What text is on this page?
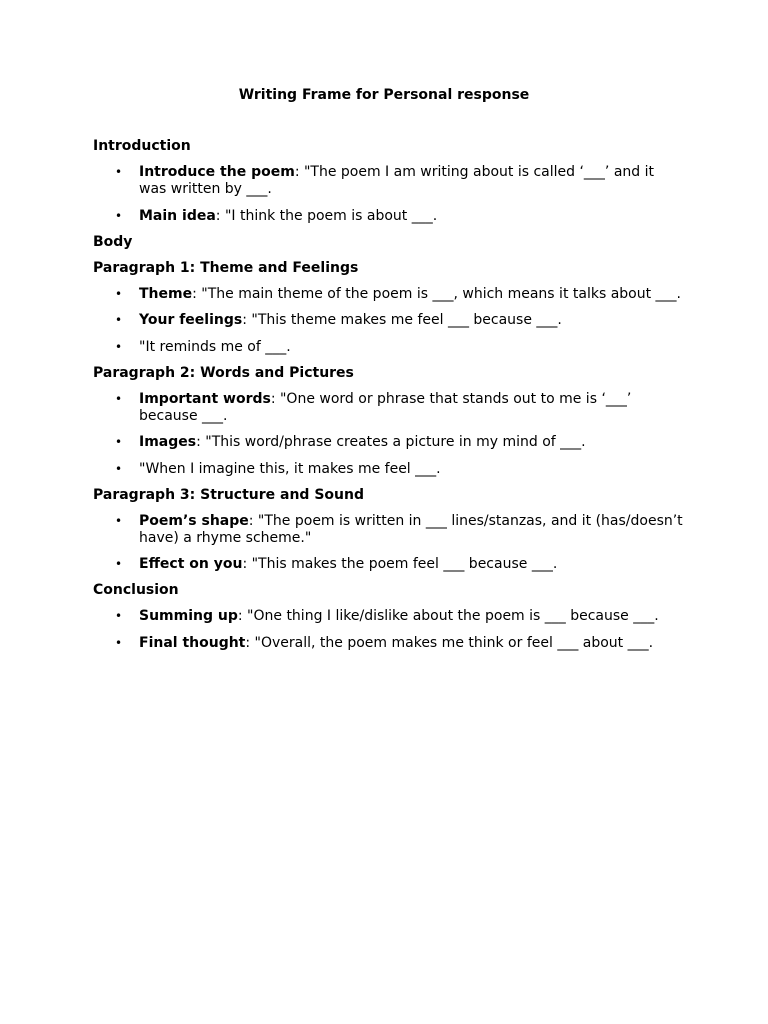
Writing Frame for Personal response
Introduction
• Introduce the poem: "The poem I am writing about is called ‘___’ and it was written by ___.
• Main idea: "I think the poem is about ___.
Body
Paragraph 1: Theme and Feelings
• Theme: "The main theme of the poem is ___, which means it talks about ___.
• Your feelings: "This theme makes me feel ___ because ___.
• "It reminds me of ___.
Paragraph 2: Words and Pictures
• Important words: "One word or phrase that stands out to me is ‘___’ because ___.
• Images: "This word/phrase creates a picture in my mind of ___.
• "When I imagine this, it makes me feel ___.
Paragraph 3: Structure and Sound
• Poem’s shape: "The poem is written in ___ lines/stanzas, and it (has/doesn’t have) a rhyme scheme."
• Effect on you: "This makes the poem feel ___ because ___.
Conclusion
• Summing up: "One thing I like/dislike about the poem is ___ because ___.
• Final thought: "Overall, the poem makes me think or feel ___ about ___.
